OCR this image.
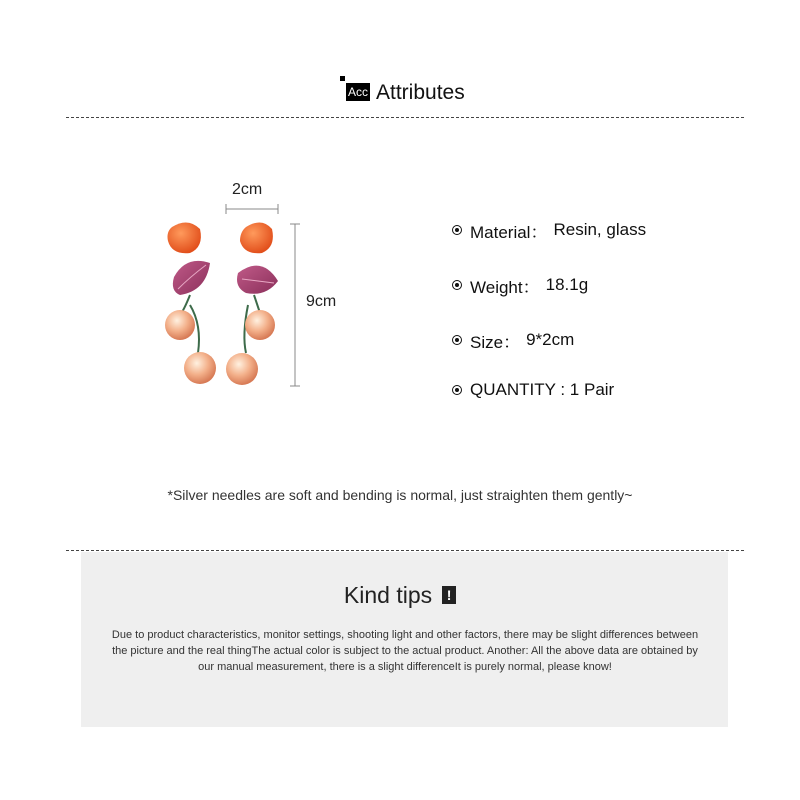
Acc Attributes
2cm
9cm
Material： Resin, glass
Weight： 18.1g
Size： 9*2cm
QUANTITY : 1 Pair
*Silver needles are soft and bending is normal, just straighten them gently~
Kind tips !
Due to product characteristics, monitor settings, shooting light and other factors, there may be slight differences between the picture and the real thingThe actual color is subject to the actual product. Another: All the above data are obtained by our manual measurement, there is a slight differenceIt is purely normal, please know!
